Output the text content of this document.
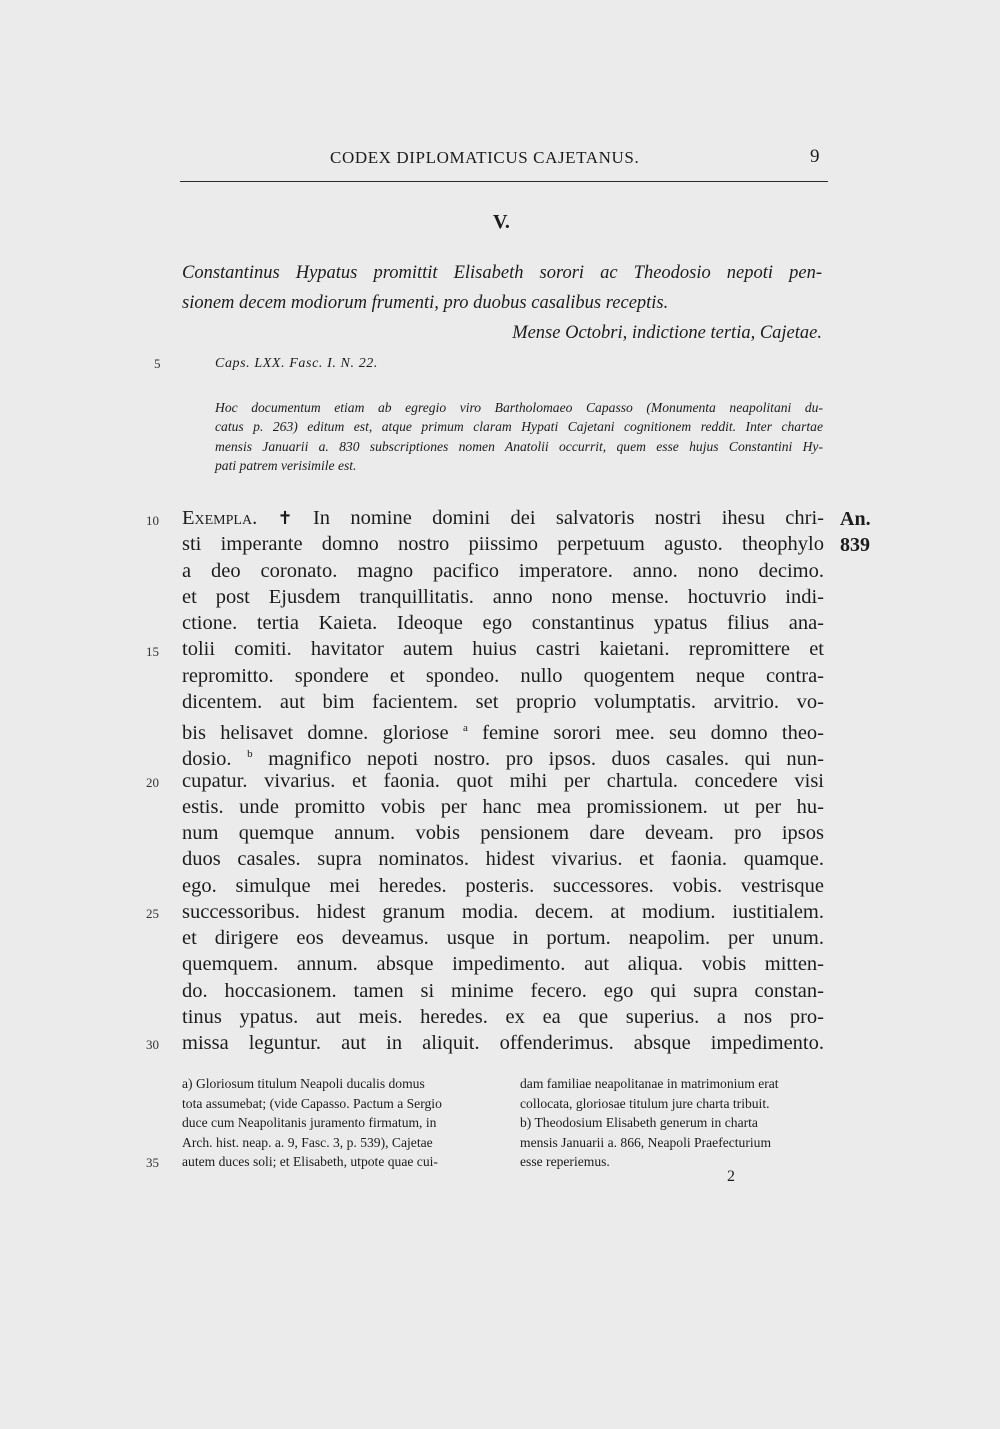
CODEX DIPLOMATICUS CAJETANUS.	9
V.
Constantinus Hypatus promittit Elisabeth sorori ac Theodosio nepoti pen-
sionem decem modiorum frumenti, pro duobus casalibus receptis.
Mense Octobri, indictione tertia, Cajetae.
Caps. LXX. Fasc. I. N. 22.
Hoc documentum etiam ab egregio viro Bartholomaeo Capasso (Monumenta neapolitani du-
catus p. 263) editum est, atque primum claram Hypati Cajetani cognitionem reddit. Inter chartae
mensis Januarii a. 830 subscriptiones nomen Anatolii occurrit, quem esse hujus Constantini Hy-
pati patrem verisimile est.
Exempla. ✝ In nomine domini dei salvatoris nostri ihesu chri-
sti imperante domno nostro piissimo perpetuum agusto. theophylo
a deo coronato. magno pacifico imperatore. anno. nono decimo.
et post Ejusdem tranquillitatis. anno nono mense. hoctuvrio indi-
ctione. tertia Kaieta. Ideoque ego constantinus ypatus filius ana-
tolii comiti. havitator autem huius castri kaietani. repromittere et
repromitto. spondere et spondeo. nullo quogentem neque contra-
dicentem. aut bim facientem. set proprio volumptatis. arvitrio. vo-
bis helisavet domne. gloriose $^a$ femine sorori mee. seu domno theo-
dosio. $^b$ magnifico nepoti nostro. pro ipsos. duos casales. qui nun-
cupatur. vivarius. et faonia. quot mihi per chartula. concedere visi
estis. unde promitto vobis per hanc mea promissionem. ut per hu-
num quemque annum. vobis pensionem dare deveam. pro ipsos
duos casales. supra nominatos. hidest vivarius. et faonia. quamque.
ego. simulque mei heredes. posteris. successores. vobis. vestrisque
successoribus. hidest granum modia. decem. at modium. iustitialem.
et dirigere eos deveamus. usque in portum. neapolim. per unum.
quemquem. annum. absque impedimento. aut aliqua. vobis mitten-
do. hoccasionem. tamen si minime fecero. ego qui supra constan-
tinus ypatus. aut meis. heredes. ex ea que superius. a nos pro-
missa leguntur. aut in aliquit. offenderimus. absque impedimento.
5
10
15
20
25
30
35
An.
839
a) Gloriosum titulum Neapoli ducalis domus
tota assumebat; (vide Capasso. Pactum a Sergio
duce cum Neapolitanis juramento firmatum, in
Arch. hist. neap. a. 9, Fasc. 3, p. 539), Cajetae
autem duces soli; et Elisabeth, utpote quae cui-
dam familiae neapolitanae in matrimonium erat
collocata, gloriosae titulum jure charta tribuit.
b) Theodosium Elisabeth generum in charta
mensis Januarii a. 866, Neapoli Praefecturium
esse reperiemus.
2
